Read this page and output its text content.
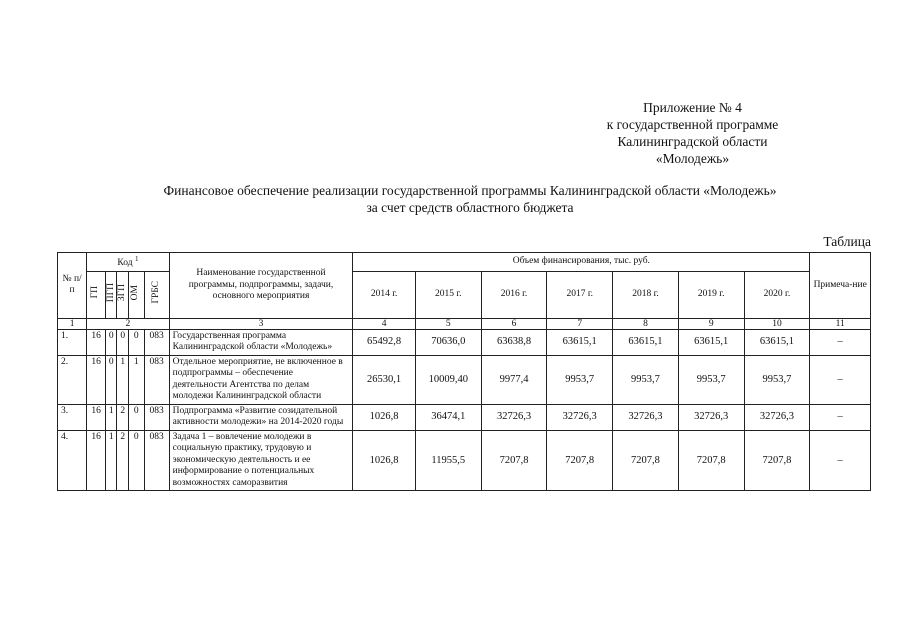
Приложение № 4
к государственной программе
Калининградской области
«Молодежь»
Финансовое обеспечение реализации государственной программы Калининградской области «Молодежь»
за счет средств областного бюджета
Таблица
№ п/п	Код $^1$					Наименование государственной программы, подпрограммы, задачи, основного мероприятия	Объем финансирования, тыс. руб.							Примеча-ние
	ГП	ПГП	ЗГП	ОМ	ГРБС		2014 г.	2015 г.	2016 г.	2017 г.	2018 г.	2019 г.	2020 г.	
1	2					3	4	5	6	7	8	9	10	11
1.	16	0	0	0	083	Государственная программа Калининградской области «Молодежь»	65492,8	70636,0	63638,8	63615,1	63615,1	63615,1	63615,1	–
2.	16	0	1	1	083	Отдельное мероприятие, не включенное в подпрограммы – обеспечение деятельности Агентства по делам молодежи Калининградской области	26530,1	10009,40	9977,4	9953,7	9953,7	9953,7	9953,7	–
3.	16	1	2	0	083	Подпрограмма «Развитие созидательной активности молодежи» на 2014-2020 годы	1026,8	36474,1	32726,3	32726,3	32726,3	32726,3	32726,3	–
4.	16	1	2	0	083	Задача 1 – вовлечение молодежи в социальную практику, трудовую и экономическую деятельность и ее информирование о потенциальных возможностях саморазвития	1026,8	11955,5	7207,8	7207,8	7207,8	7207,8	7207,8	–
